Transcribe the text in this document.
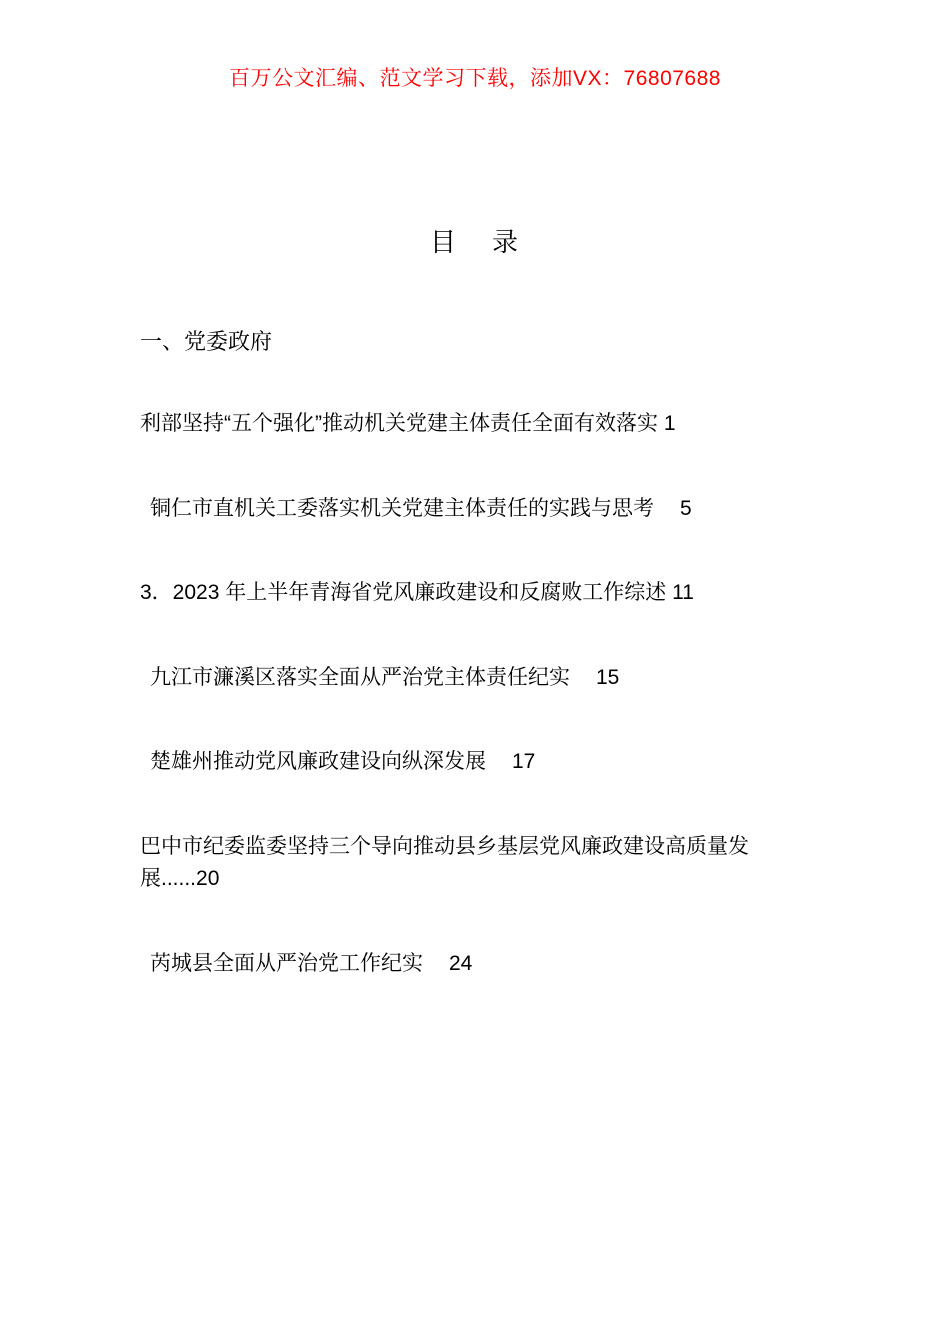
百万公文汇编、范文学习下载，添加VX：76807688
目 录
一、党委政府
利部坚持“五个强化”推动机关党建主体责任全面有效落实 1
铜仁市直机关工委落实机关党建主体责任的实践与思考 5
3．2023 年上半年青海省党风廉政建设和反腐败工作综述 11
九江市濂溪区落实全面从严治党主体责任纪实 15
楚雄州推动党风廉政建设向纵深发展 17
巴中市纪委监委坚持三个导向推动县乡基层党风廉政建设高质量发展......20
芮城县全面从严治党工作纪实 24
